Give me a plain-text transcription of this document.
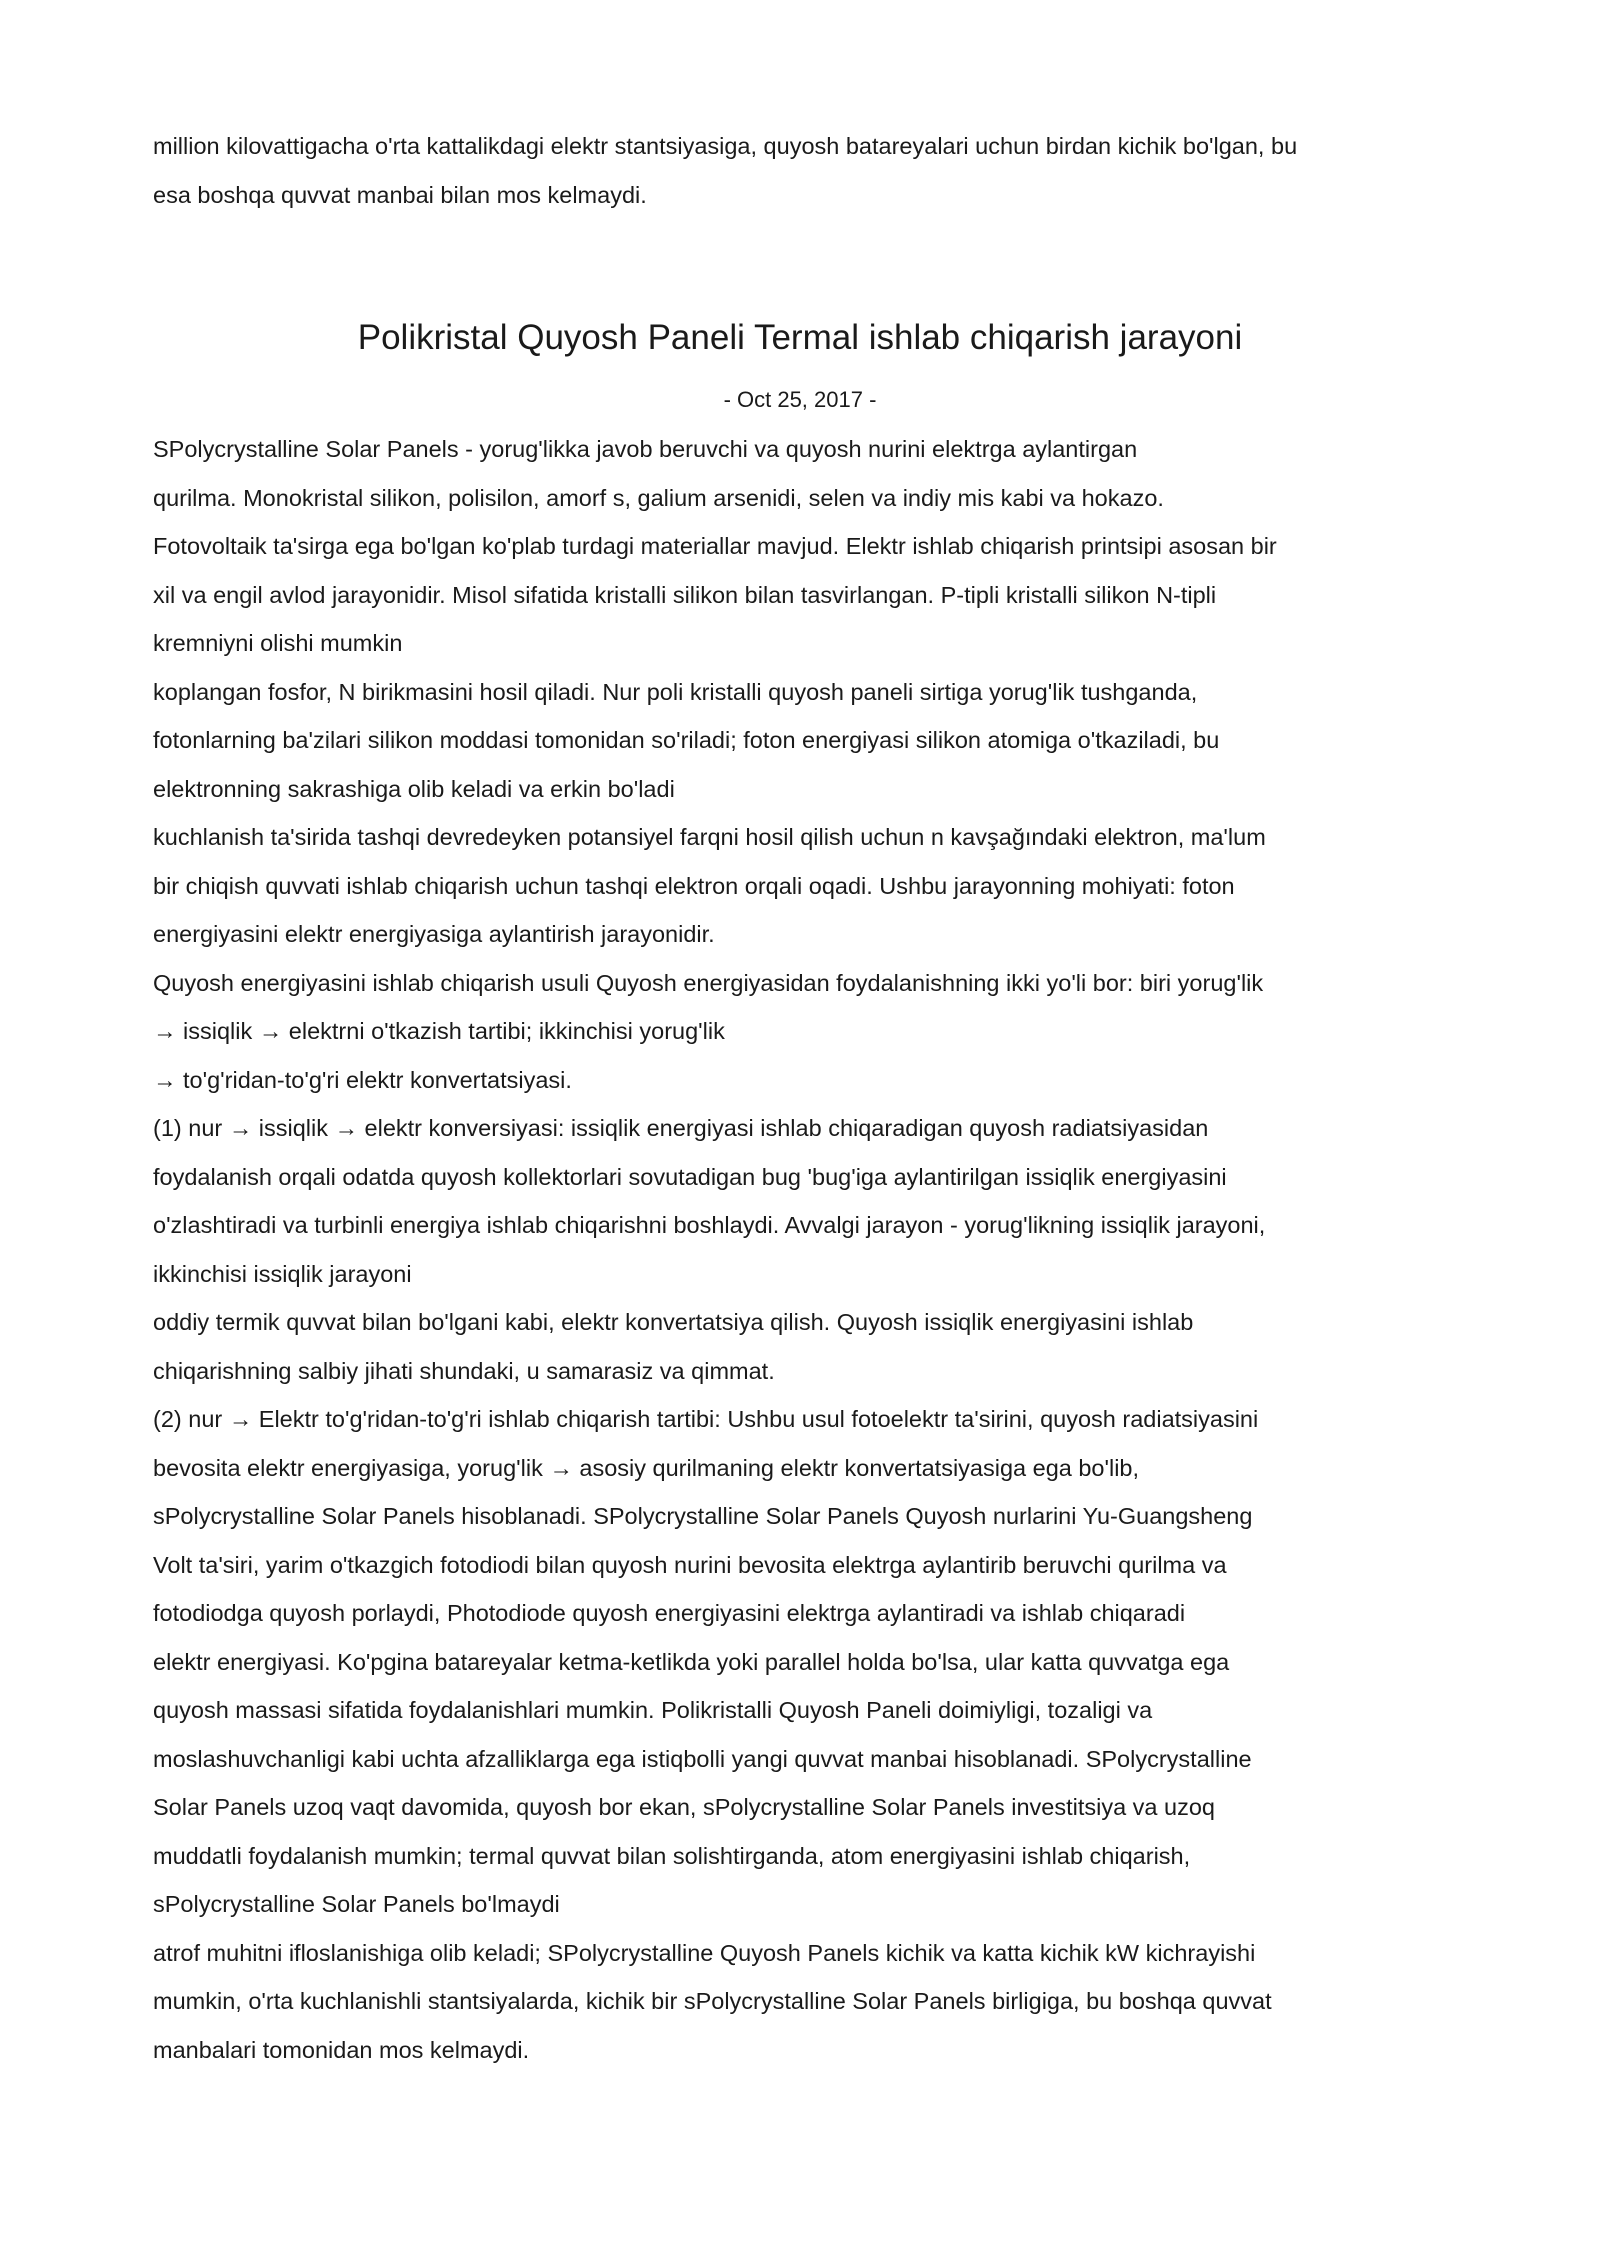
million kilovattigacha o'rta kattalikdagi elektr stantsiyasiga, quyosh batareyalari uchun birdan kichik bo'lgan, bu
esa boshqa quvvat manbai bilan mos kelmaydi.

Polikristal Quyosh Paneli Termal ishlab chiqarish jarayoni
- Oct 25, 2017 -
SPolycrystalline Solar Panels - yorug'likka javob beruvchi va quyosh nurini elektrga aylantirgan
qurilma. Monokristal silikon, polisilon, amorf s, galium arsenidi, selen va indiy mis kabi va hokazo.
Fotovoltaik ta'sirga ega bo'lgan ko'plab turdagi materiallar mavjud. Elektr ishlab chiqarish printsipi asosan bir
xil va engil avlod jarayonidir. Misol sifatida kristalli silikon bilan tasvirlangan. P-tipli kristalli silikon N-tipli
kremniyni olishi mumkin
koplangan fosfor, N birikmasini hosil qiladi. Nur poli kristalli quyosh paneli sirtiga yorug'lik tushganda,
fotonlarning ba'zilari silikon moddasi tomonidan so'riladi; foton energiyasi silikon atomiga o'tkaziladi, bu
elektronning sakrashiga olib keladi va erkin bo'ladi
kuchlanish ta'sirida tashqi devredeyken potansiyel farqni hosil qilish uchun n kavşağındaki elektron, ma'lum
bir chiqish quvvati ishlab chiqarish uchun tashqi elektron orqali oqadi. Ushbu jarayonning mohiyati: foton
energiyasini elektr energiyasiga aylantirish jarayonidir.
Quyosh energiyasini ishlab chiqarish usuli Quyosh energiyasidan foydalanishning ikki yo'li bor: biri yorug'lik
→ issiqlik → elektrni o'tkazish tartibi; ikkinchisi yorug'lik
→ to'g'ridan-to'g'ri elektr konvertatsiyasi.
(1) nur → issiqlik → elektr konversiyasi: issiqlik energiyasi ishlab chiqaradigan quyosh radiatsiyasidan
foydalanish orqali odatda quyosh kollektorlari sovutadigan bug 'bug'iga aylantirilgan issiqlik energiyasini
o'zlashtiradi va turbinli energiya ishlab chiqarishni boshlaydi. Avvalgi jarayon - yorug'likning issiqlik jarayoni,
ikkinchisi issiqlik jarayoni
oddiy termik quvvat bilan bo'lgani kabi, elektr konvertatsiya qilish. Quyosh issiqlik energiyasini ishlab
chiqarishning salbiy jihati shundaki, u samarasiz va qimmat.
(2) nur → Elektr to'g'ridan-to'g'ri ishlab chiqarish tartibi: Ushbu usul fotoelektr ta'sirini, quyosh radiatsiyasini
bevosita elektr energiyasiga, yorug'lik → asosiy qurilmaning elektr konvertatsiyasiga ega bo'lib,
sPolycrystalline Solar Panels hisoblanadi. SPolycrystalline Solar Panels Quyosh nurlarini Yu-Guangsheng
Volt ta'siri, yarim o'tkazgich fotodiodi bilan quyosh nurini bevosita elektrga aylantirib beruvchi qurilma va
fotodiodga quyosh porlaydi, Photodiode quyosh energiyasini elektrga aylantiradi va ishlab chiqaradi
elektr energiyasi. Ko'pgina batareyalar ketma-ketlikda yoki parallel holda bo'lsa, ular katta quvvatga ega
quyosh massasi sifatida foydalanishlari mumkin. Polikristalli Quyosh Paneli doimiyligi, tozaligi va
moslashuvchanligi kabi uchta afzalliklarga ega istiqbolli yangi quvvat manbai hisoblanadi. SPolycrystalline
Solar Panels uzoq vaqt davomida, quyosh bor ekan, sPolycrystalline Solar Panels investitsiya va uzoq
muddatli foydalanish mumkin; termal quvvat bilan solishtirganda, atom energiyasini ishlab chiqarish,
sPolycrystalline Solar Panels bo'lmaydi
atrof muhitni ifloslanishiga olib keladi; SPolycrystalline Quyosh Panels kichik va katta kichik kW kichrayishi
mumkin, o'rta kuchlanishli stantsiyalarda, kichik bir sPolycrystalline Solar Panels birligiga, bu boshqa quvvat
manbalari tomonidan mos kelmaydi.
